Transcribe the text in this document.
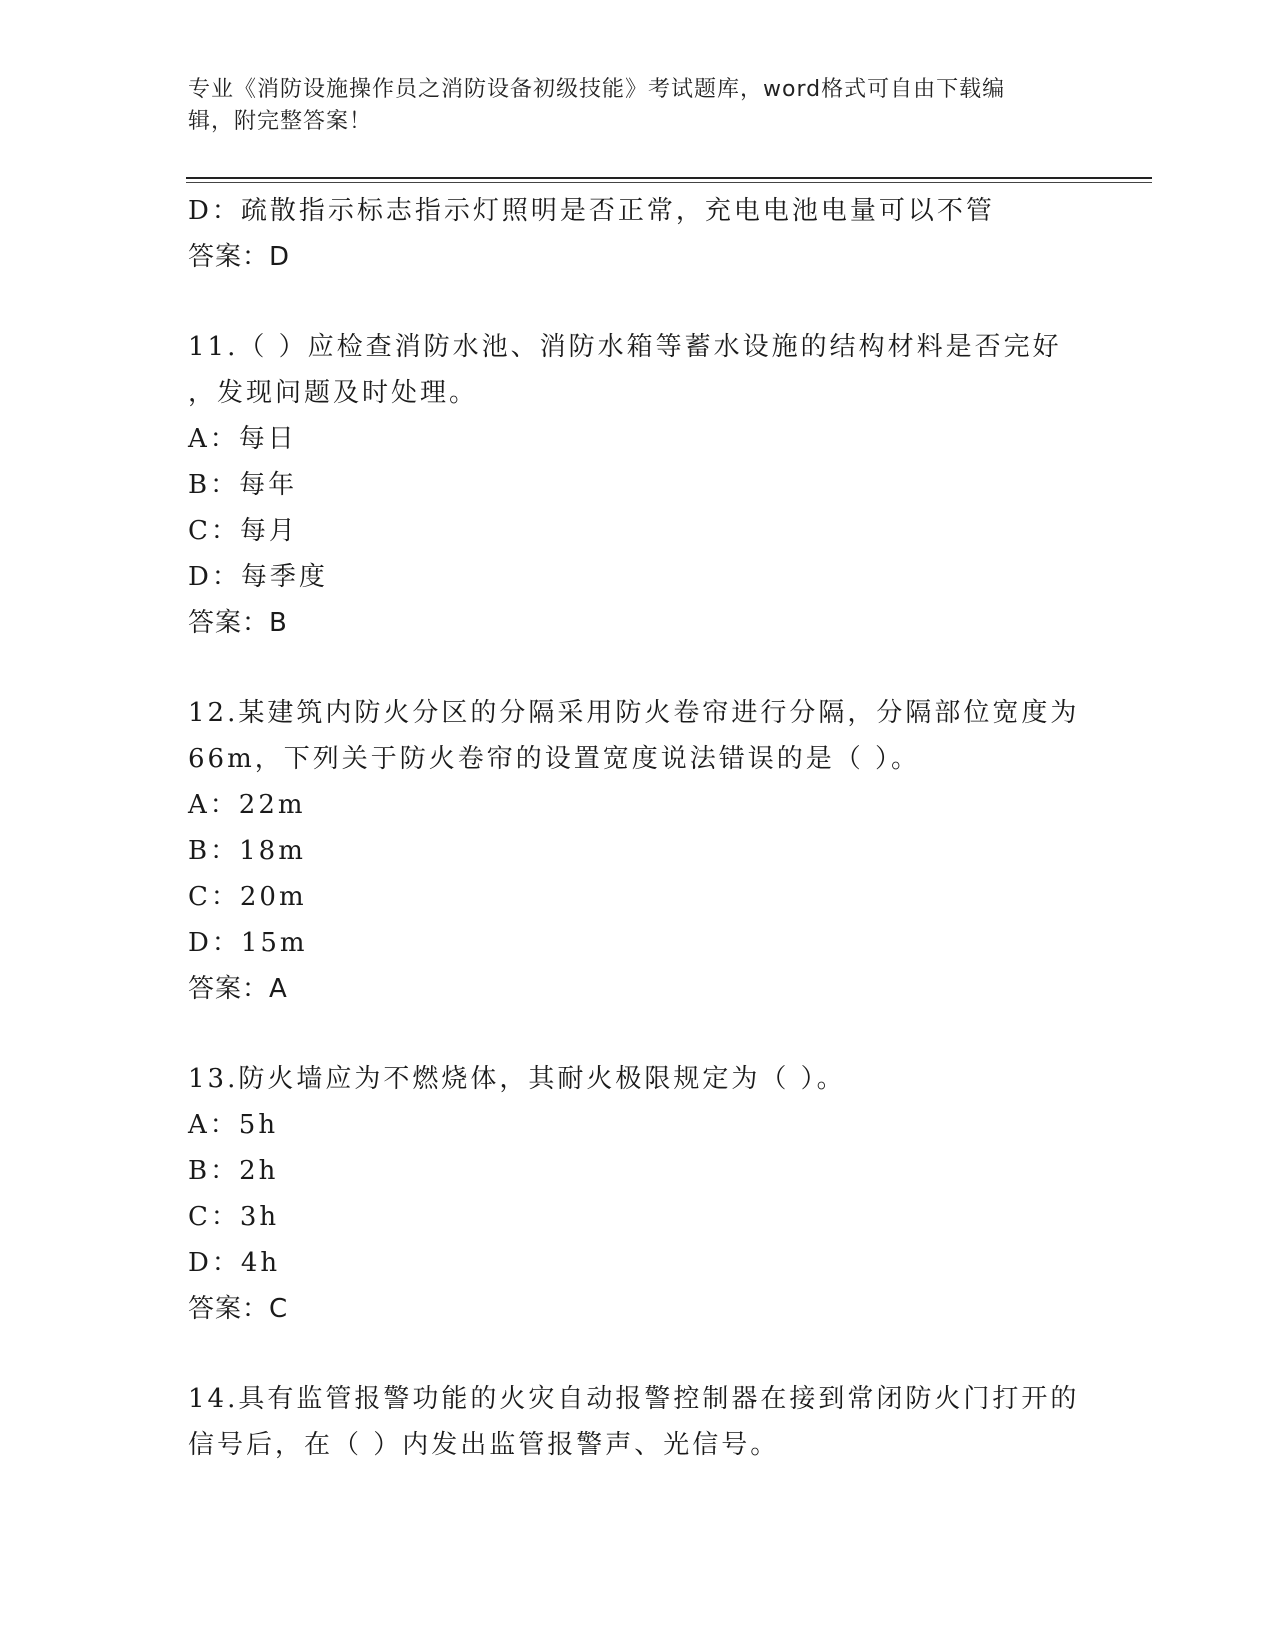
专业《消防设施操作员之消防设备初级技能》考试题库，word格式可自由下载编
辑，附完整答案！
D：疏散指示标志指示灯照明是否正常，充电电池电量可以不管
答案：D
11.（ ）应检查消防水池、消防水箱等蓄水设施的结构材料是否完好
，发现问题及时处理。
A：每日
B：每年
C：每月
D：每季度
答案：B
12.某建筑内防火分区的分隔采用防火卷帘进行分隔，分隔部位宽度为
66m，下列关于防火卷帘的设置宽度说法错误的是（ ）。
A：22m
B：18m
C：20m
D：15m
答案：A
13.防火墙应为不燃烧体，其耐火极限规定为（ ）。
A：5h
B：2h
C：3h
D：4h
答案：C
14.具有监管报警功能的火灾自动报警控制器在接到常闭防火门打开的
信号后，在（ ）内发出监管报警声、光信号。
